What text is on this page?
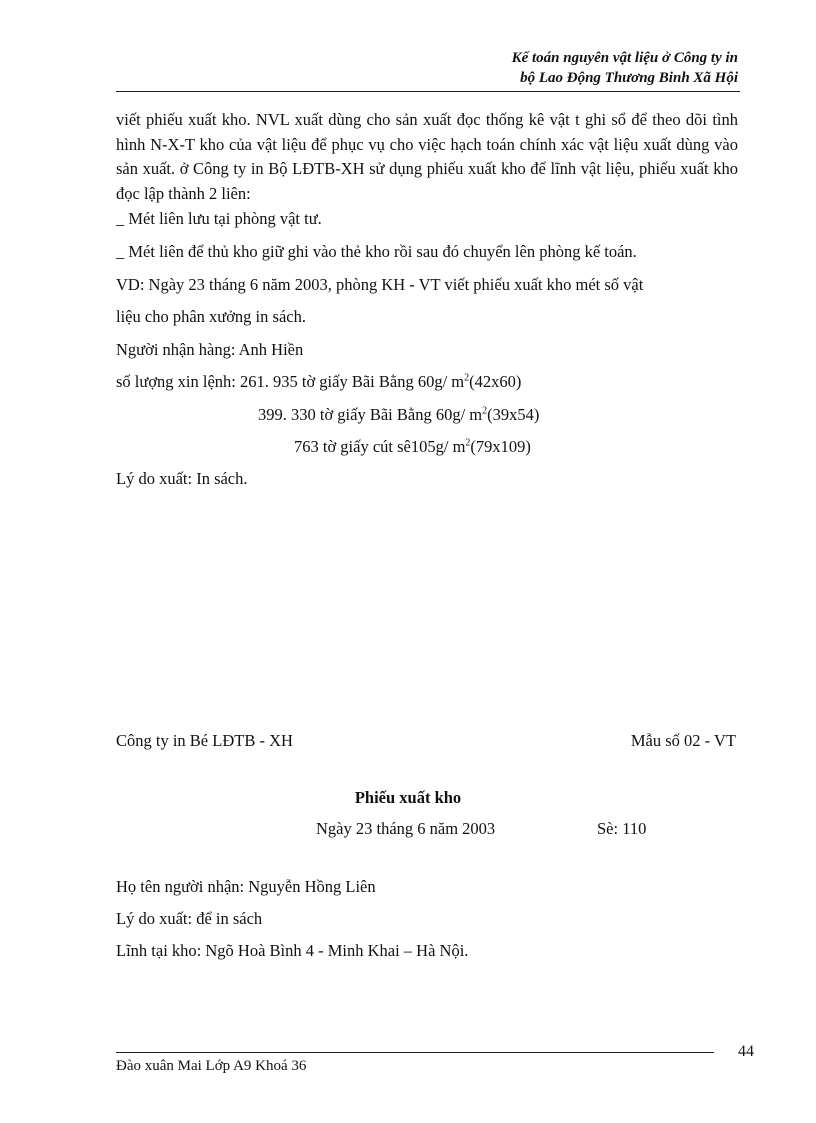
Kế toán nguyên vật liệu ở Công ty in
bộ Lao Động Thương Binh Xã Hội
viết phiếu xuất kho. NVL xuất dùng cho sản xuất đọc thống kê vật t ghi sổ để theo dõi tình hình N-X-T kho của vật liệu để phục vụ cho việc hạch toán chính xác vật liệu xuất dùng vào sản xuất. ở Công ty in Bộ LĐTB-XH sử dụng phiếu xuất kho để lĩnh vật liệu, phiếu xuất kho đọc lập thành 2 liên:
_ Mét liên lưu tại phòng vật tư.
_ Mét liên để thủ kho giữ ghi vào thẻ kho rồi sau đó chuyển lên phòng kế toán.
VD: Ngày 23 tháng 6 năm 2003, phòng KH - VT viết phiếu xuất kho mét số vật
liệu cho phân xưởng in sách.
Người nhận hàng: Anh Hiền
số lượng xin lệnh: 261. 935 tờ giấy Bãi Bằng 60g/ $m^2(42x60)$
399. 330 tờ giấy Bãi Bằng 60g/ $m^2(39x54)$
763 tờ giấy cút sê105g/ $m^2(79x109)$
Lý do xuất: In sách.
Công ty in Bé LĐTB - XH	Mẫu số 02 - VT
Phiếu xuất kho
Ngày 23 tháng 6 năm 2003	Sè: 110
Họ tên người nhận: Nguyễn Hồng Liên
Lý do xuất: để in sách
Lĩnh tại kho: Ngõ Hoà Bình 4 - Minh Khai – Hà Nội.
Đào xuân Mai Lớp A9 Khoá 36
44
